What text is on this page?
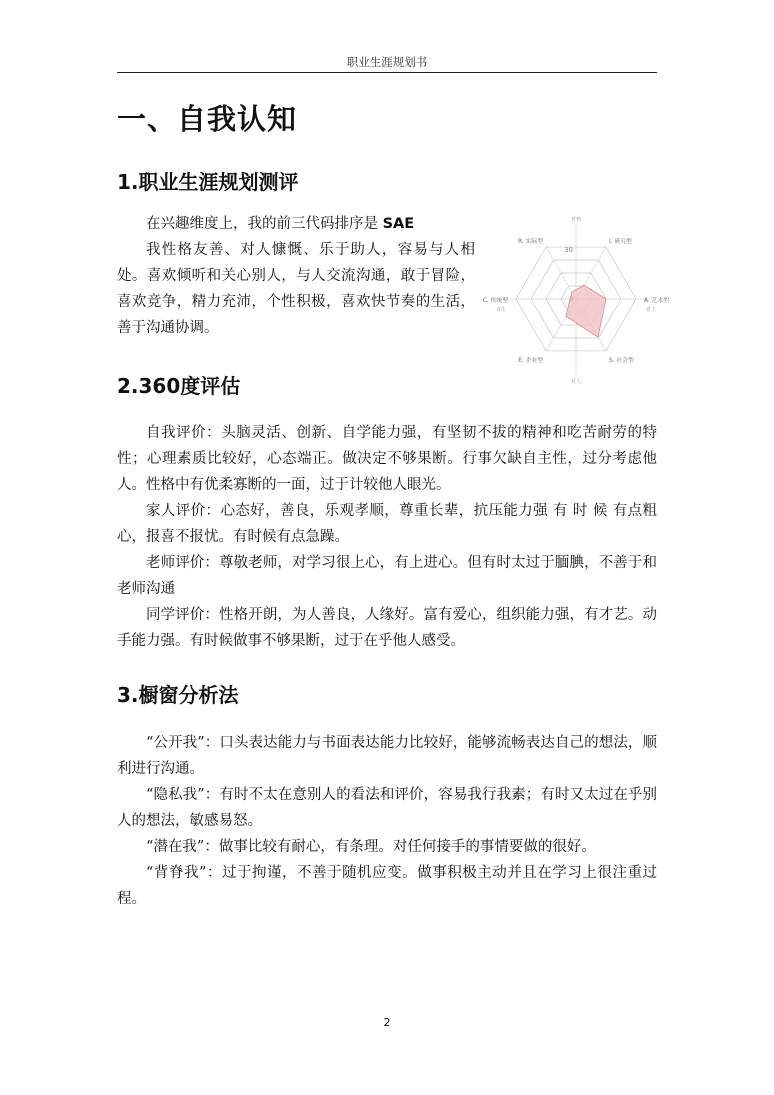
职业生涯规划书
一、自我认知
1.职业生涯规划测评

在兴趣维度上，我的前三代码排序是 SAE

我性格友善、对人慷慨、乐于助人，容易与人相处。喜欢倾听和关心别人，与人交流沟通，敢于冒险，喜欢竞争，精力充沛，个性积极，喜欢快节奏的生活，善于沟通协调。

I. 研究型
A. 艺术型
S. 社会型
E. 企业型
C. 传统型
R. 实际型
30
0
对物
对人
喜主
喜生
2.360度评估

自我评价：头脑灵活、创新、自学能力强，有坚韧不拔的精神和吃苦耐劳的特性；心理素质比较好，心态端正。做决定不够果断。行事欠缺自主性，过分考虑他人。性格中有优柔寡断的一面，过于计较他人眼光。

家人评价：心态好，善良，乐观孝顺，尊重长辈，抗压能力强 有 时 候 有点粗心，报喜不报忧。有时候有点急躁。

老师评价：尊敬老师，对学习很上心，有上进心。但有时太过于腼腆，不善于和老师沟通

同学评价：性格开朗，为人善良，人缘好。富有爱心，组织能力强，有才艺。动手能力强。有时候做事不够果断，过于在乎他人感受。

3.橱窗分析法

“公开我”：口头表达能力与书面表达能力比较好，能够流畅表达自己的想法，顺利进行沟通。

“隐私我”：有时不太在意别人的看法和评价，容易我行我素；有时又太过在乎别人的想法，敏感易怒。

“潜在我”：做事比较有耐心，有条理。对任何接手的事情要做的很好。

“背脊我”：过于拘谨，不善于随机应变。做事积极主动并且在学习上很注重过程。

2
